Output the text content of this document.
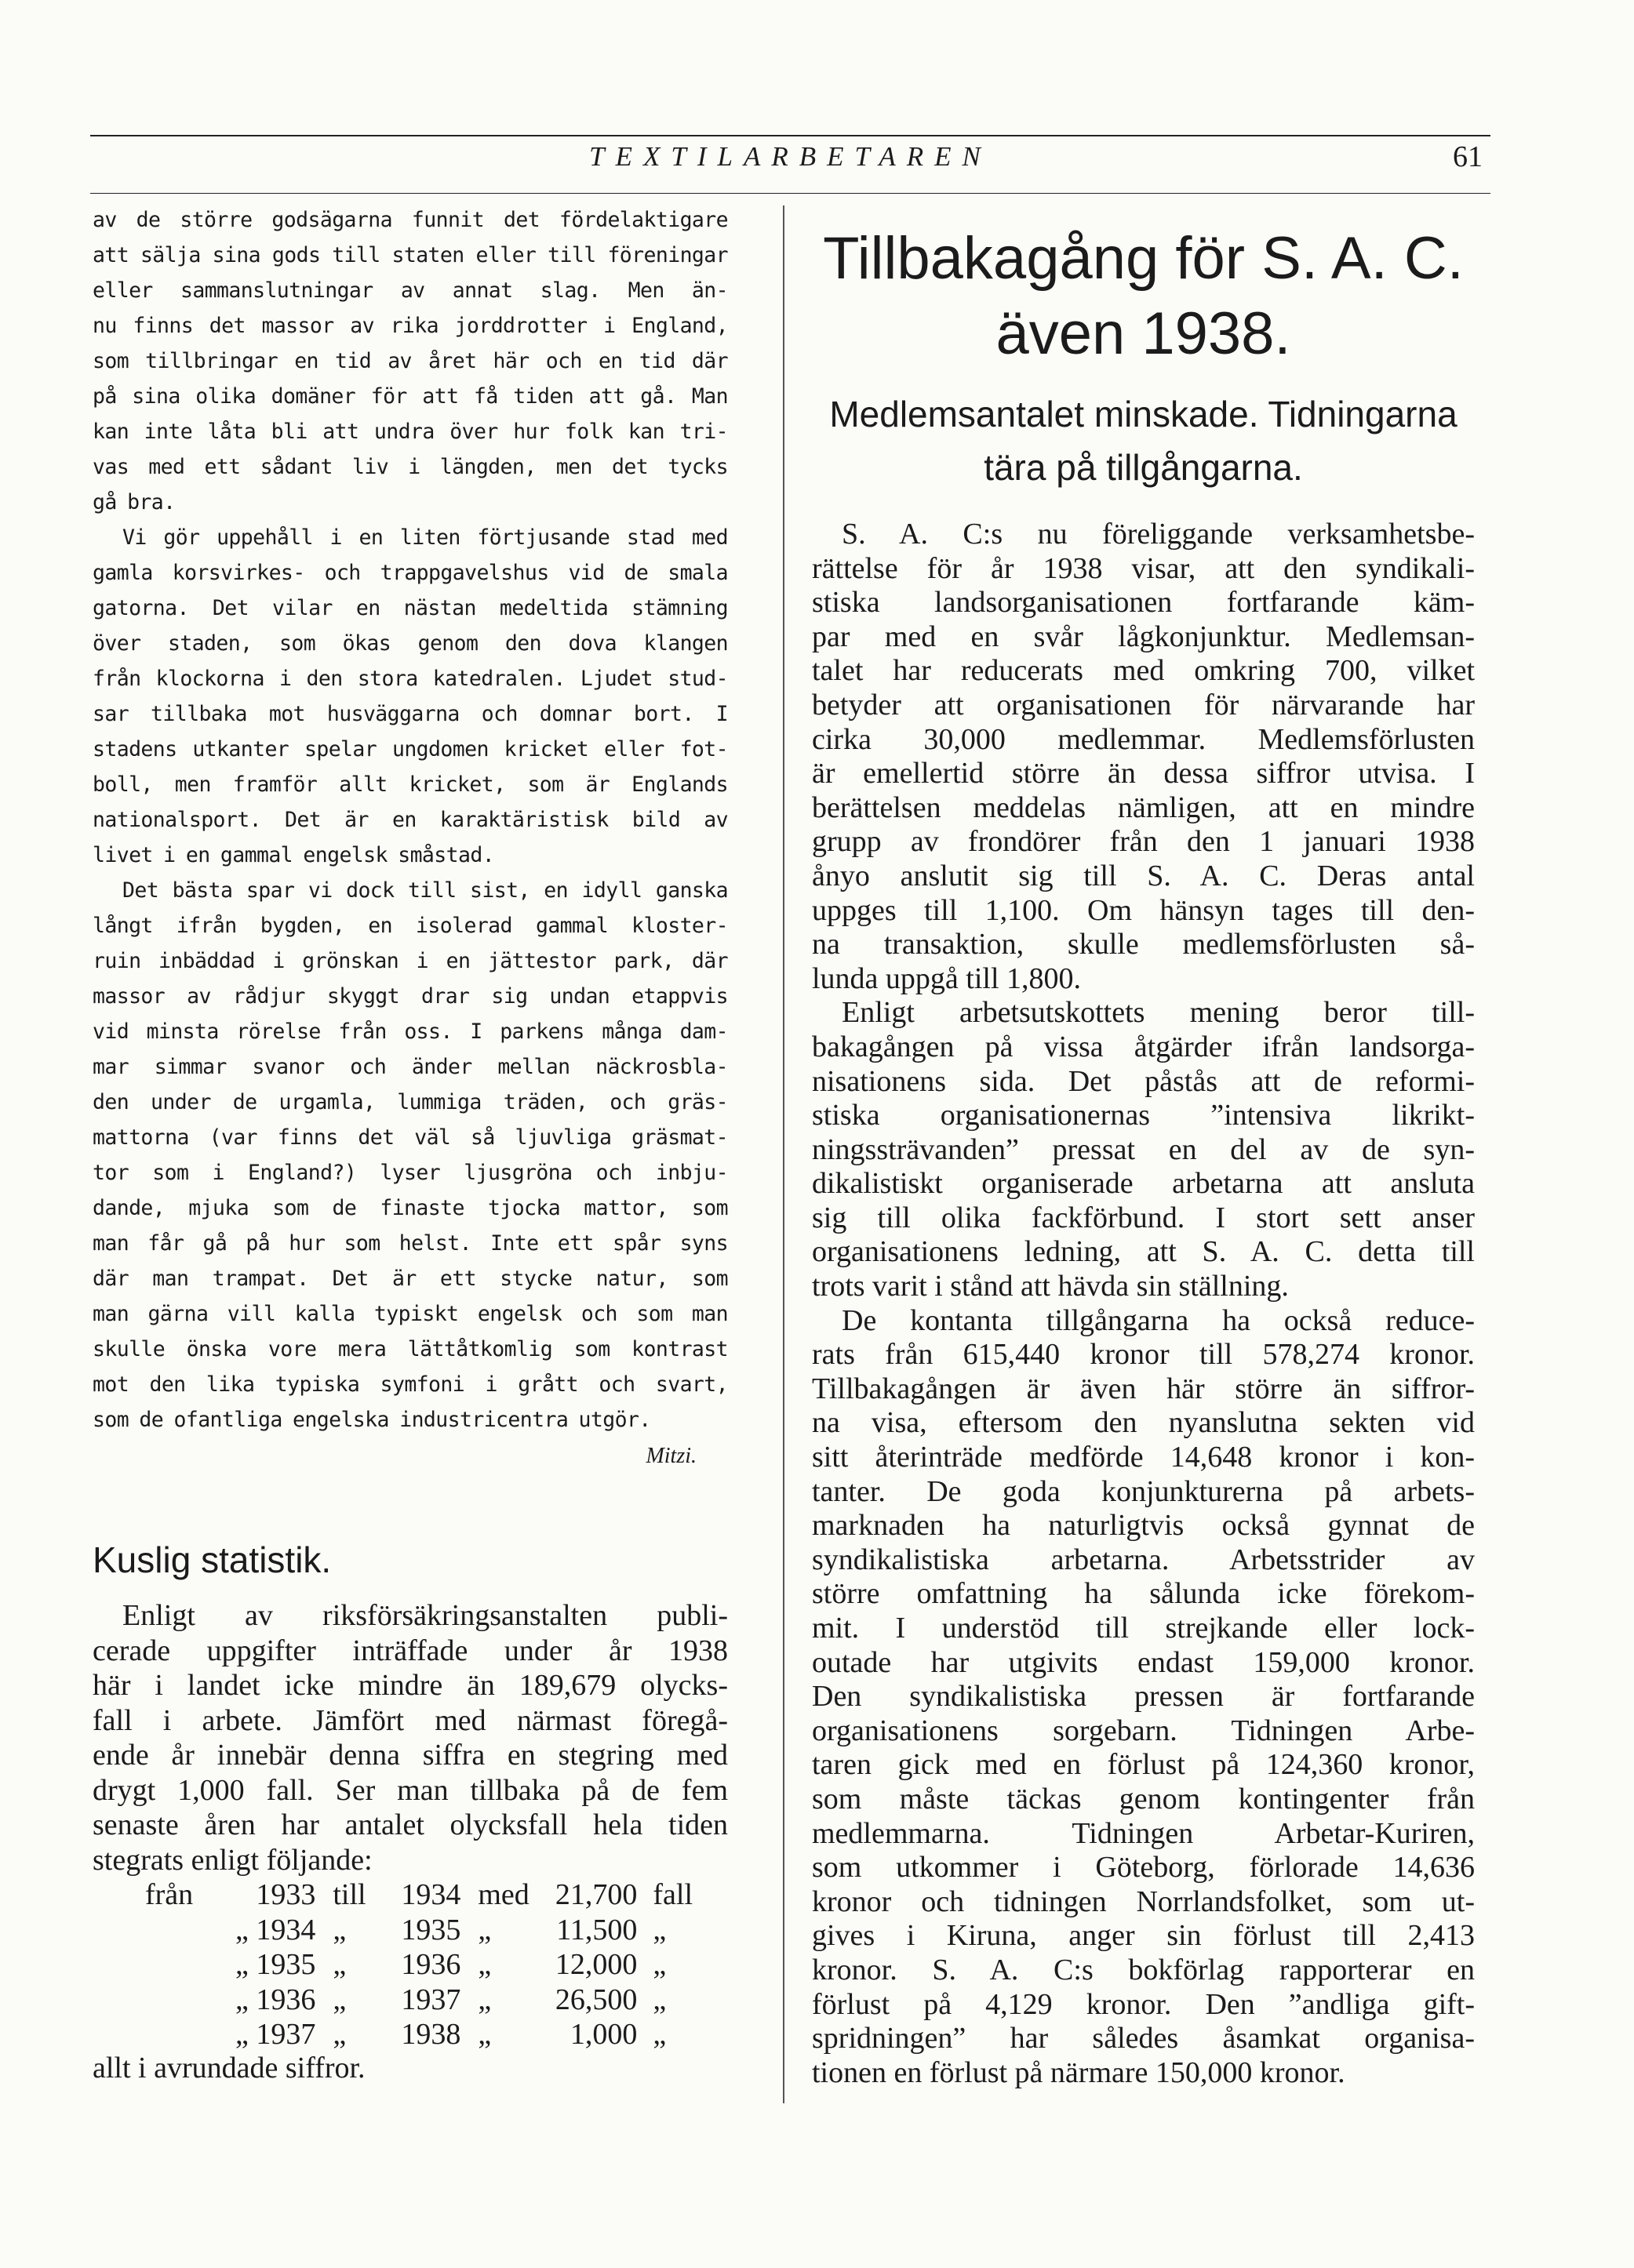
TEXTILARBETAREN	61

av de större godsägarna funnit det fördelaktigare

att sälja sina gods till staten eller till föreningar

eller sammanslutningar av annat slag. Men än-

nu finns det massor av rika jorddrotter i England,

som tillbringar en tid av året här och en tid där

på sina olika domäner för att få tiden att gå. Man

kan inte låta bli att undra över hur folk kan tri-

vas med ett sådant liv i längden, men det tycks

gå bra.

Vi gör uppehåll i en liten förtjusande stad med

gamla korsvirkes- och trappgavelshus vid de smala

gatorna. Det vilar en nästan medeltida stämning

över staden, som ökas genom den dova klangen

från klockorna i den stora katedralen. Ljudet stud-

sar tillbaka mot husväggarna och domnar bort. I

stadens utkanter spelar ungdomen kricket eller fot-

boll, men framför allt kricket, som är Englands

nationalsport. Det är en karaktäristisk bild av

livet i en gammal engelsk småstad.

Det bästa spar vi dock till sist, en idyll ganska

långt ifrån bygden, en isolerad gammal kloster-

ruin inbäddad i grönskan i en jättestor park, där

massor av rådjur skyggt drar sig undan etappvis

vid minsta rörelse från oss. I parkens många dam-

mar simmar svanor och änder mellan näckrosbla-

den under de urgamla, lummiga träden, och gräs-

mattorna (var finns det väl så ljuvliga gräsmat-

tor som i England?) lyser ljusgröna och inbju-

dande, mjuka som de finaste tjocka mattor, som

man får gå på hur som helst. Inte ett spår syns

där man trampat. Det är ett stycke natur, som

man gärna vill kalla typiskt engelsk och som man

skulle önska vore mera lättåtkomlig som kontrast

mot den lika typiska symfoni i grått och svart,

som de ofantliga engelska industricentra utgör.

Mitzi.

Kuslig statistik.

Enligt av riksförsäkringsanstalten publi-

cerade uppgifter inträffade under år 1938

här i landet icke mindre än 189,679 olycks-

fall i arbete. Jämfört med närmast föregå-

ende år innebär denna siffra en stegring med

drygt 1,000 fall. Ser man tillbaka på de fem

senaste åren har antalet olycksfall hela tiden

stegrats enligt följande:

från	1933	till	1934	med	21,700	fall
	„ 1934	„	1935	„	11,500	„
	„ 1935	„	1936	„	12,000	„
	„ 1936	„	1937	„	26,500	„
	„ 1937	„	1938	„	1,000	„

allt i avrundade siffror.

Tillbakagång för S. A. C.
även 1938.
Medlemsantalet minskade. Tidningarna
tära på tillgångarna.

S. A. C:s nu föreliggande verksamhetsbe-

rättelse för år 1938 visar, att den syndikali-

stiska landsorganisationen fortfarande käm-

par med en svår lågkonjunktur. Medlemsan-

talet har reducerats med omkring 700, vilket

betyder att organisationen för närvarande har

cirka 30,000 medlemmar. Medlemsförlusten

är emellertid större än dessa siffror utvisa. I

berättelsen meddelas nämligen, att en mindre

grupp av frondörer från den 1 januari 1938

ånyo anslutit sig till S. A. C. Deras antal

uppges till 1,100. Om hänsyn tages till den-

na transaktion, skulle medlemsförlusten så-

lunda uppgå till 1,800.

Enligt arbetsutskottets mening beror till-

bakagången på vissa åtgärder ifrån landsorga-

nisationens sida. Det påstås att de reformi-

stiska organisationernas ”intensiva likrikt-

ningssträvanden” pressat en del av de syn-

dikalistiskt organiserade arbetarna att ansluta

sig till olika fackförbund. I stort sett anser

organisationens ledning, att S. A. C. detta till

trots varit i stånd att hävda sin ställning.

De kontanta tillgångarna ha också reduce-

rats från 615,440 kronor till 578,274 kronor.

Tillbakagången är även här större än siffror-

na visa, eftersom den nyanslutna sekten vid

sitt återinträde medförde 14,648 kronor i kon-

tanter. De goda konjunkturerna på arbets-

marknaden ha naturligtvis också gynnat de

syndikalistiska arbetarna. Arbetsstrider av

större omfattning ha sålunda icke förekom-

mit. I understöd till strejkande eller lock-

outade har utgivits endast 159,000 kronor.

Den syndikalistiska pressen är fortfarande

organisationens sorgebarn. Tidningen Arbe-

taren gick med en förlust på 124,360 kronor,

som måste täckas genom kontingenter från

medlemmarna. Tidningen Arbetar-Kuriren,

som utkommer i Göteborg, förlorade 14,636

kronor och tidningen Norrlandsfolket, som ut-

gives i Kiruna, anger sin förlust till 2,413

kronor. S. A. C:s bokförlag rapporterar en

förlust på 4,129 kronor. Den ”andliga gift-

spridningen” har således åsamkat organisa-

tionen en förlust på närmare 150,000 kronor.
